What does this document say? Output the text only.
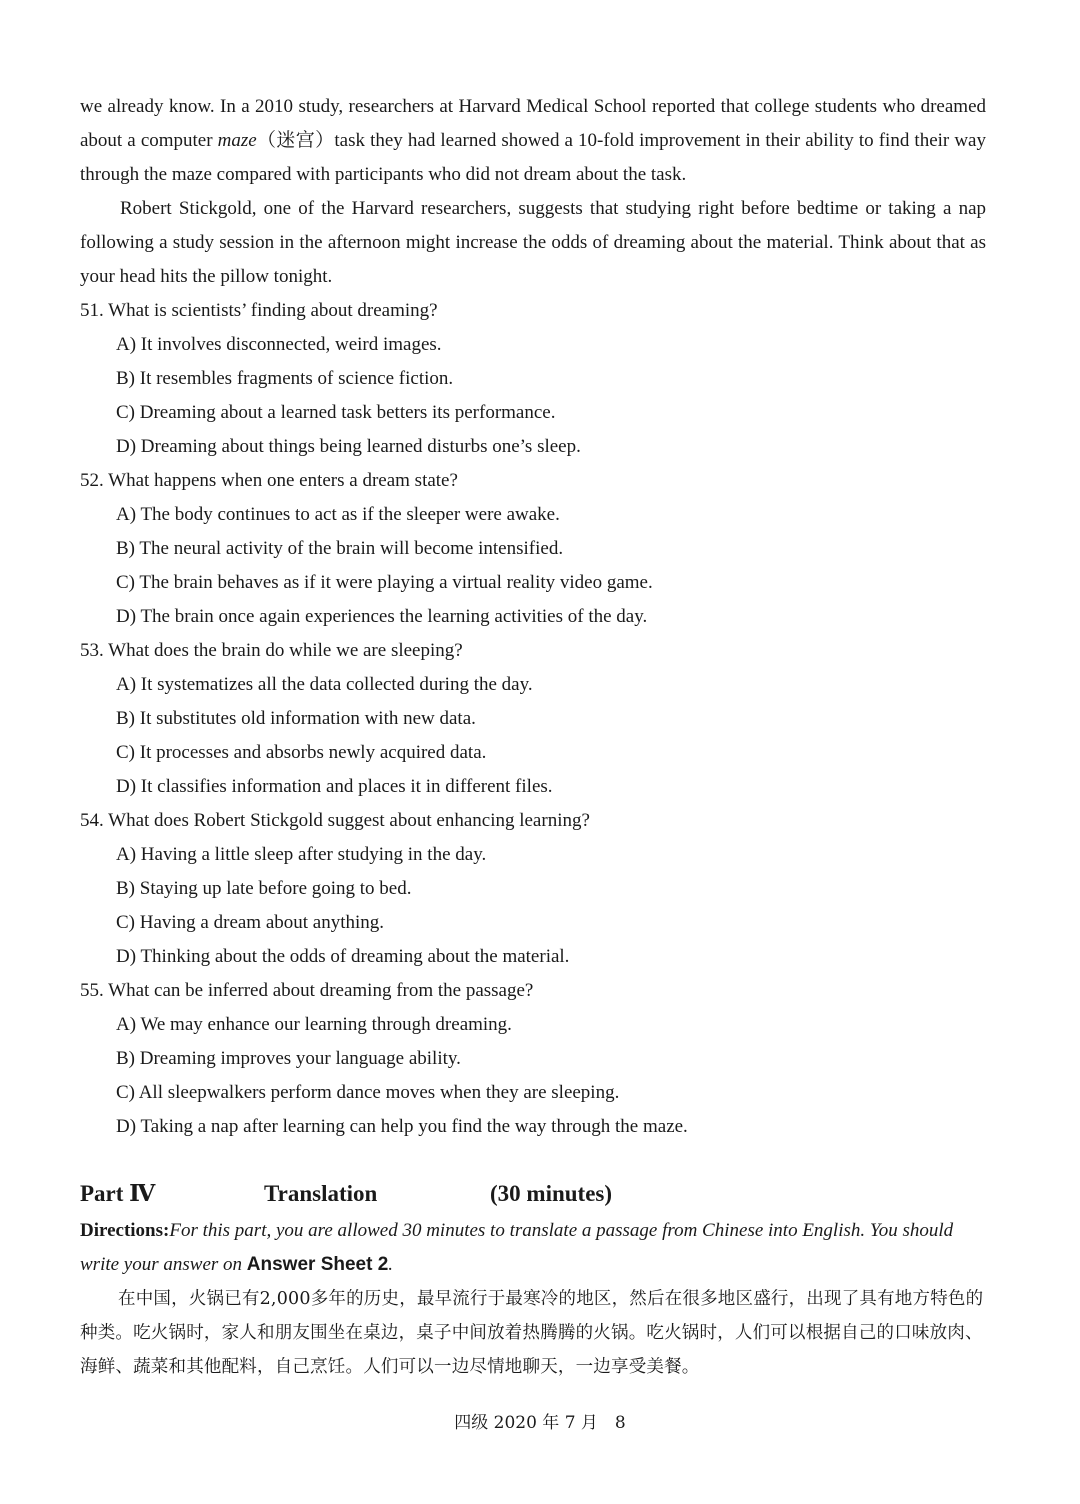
we already know. In a 2010 study, researchers at Harvard Medical School reported that college students who dreamed about a computer maze（迷宫）task they had learned showed a 10-fold improvement in their ability to find their way through the maze compared with participants who did not dream about the task.

Robert Stickgold, one of the Harvard researchers, suggests that studying right before bedtime or taking a nap following a study session in the afternoon might increase the odds of dreaming about the material. Think about that as your head hits the pillow tonight.

51. What is scientists’ finding about dreaming?

A) It involves disconnected, weird images.

B) It resembles fragments of science fiction.

C) Dreaming about a learned task betters its performance.

D) Dreaming about things being learned disturbs one’s sleep.

52. What happens when one enters a dream state?

A) The body continues to act as if the sleeper were awake.

B) The neural activity of the brain will become intensified.

C) The brain behaves as if it were playing a virtual reality video game.

D) The brain once again experiences the learning activities of the day.

53. What does the brain do while we are sleeping?

A) It systematizes all the data collected during the day.

B) It substitutes old information with new data.

C) It processes and absorbs newly acquired data.

D) It classifies information and places it in different files.

54. What does Robert Stickgold suggest about enhancing learning?

A) Having a little sleep after studying in the day.

B) Staying up late before going to bed.

C) Having a dream about anything.

D) Thinking about the odds of dreaming about the material.

55. What can be inferred about dreaming from the passage?

A) We may enhance our learning through dreaming.

B) Dreaming improves your language ability.

C) All sleepwalkers perform dance moves when they are sleeping.

D) Taking a nap after learning can help you find the way through the maze.

Part Ⅳ	Translation	(30 minutes)

Directions:For this part, you are allowed 30 minutes to translate a passage from Chinese into English. You should write your answer on Answer Sheet 2.

在中国，火锅已有2,000多年的历史，最早流行于最寒冷的地区，然后在很多地区盛行，出现了具有地方特色的种类。吃火锅时，家人和朋友围坐在桌边，桌子中间放着热腾腾的火锅。吃火锅时，人们可以根据自己的口味放肉、海鲜、蔬菜和其他配料，自己烹饪。人们可以一边尽情地聊天，一边享受美餐。

四级 2020 年 7 月　8
